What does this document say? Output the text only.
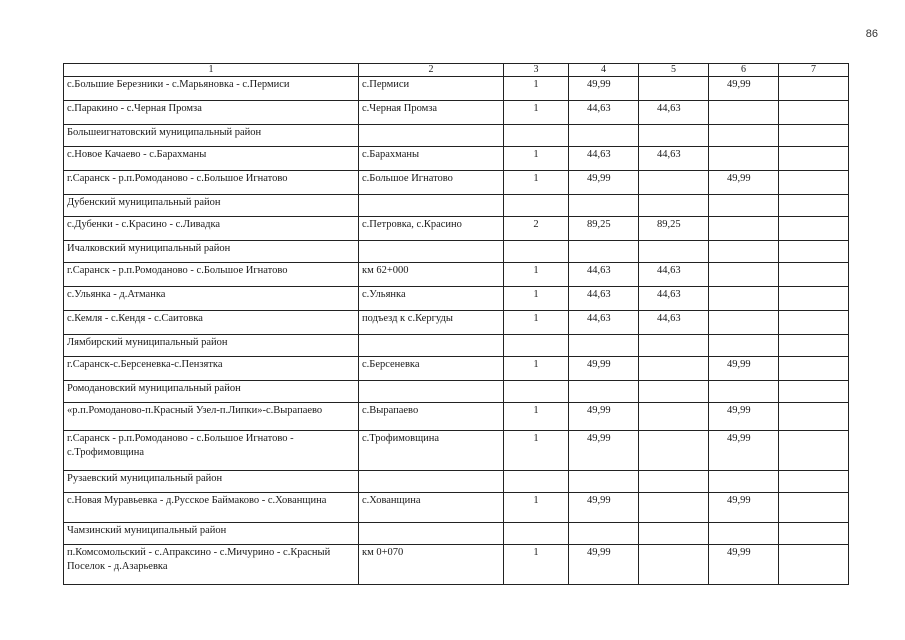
86
1	2	3	4	5	6	7
с.Большие Березники - с.Марьяновка - с.Пермиси	с.Пермиси	1	49,99		49,99	
с.Паракино - с.Черная Промза	с.Черная Промза	1	44,63	44,63		
Большеигнатовский муниципальный район						
с.Новое Качаево - с.Барахманы	с.Барахманы	1	44,63	44,63		
г.Саранск - р.п.Ромоданово - с.Большое Игнатово	с.Большое Игнатово	1	49,99		49,99	
Дубенский муниципальный район						
с.Дубенки - с.Красино - с.Ливадка	с.Петровка, с.Красино	2	89,25	89,25		
Ичалковский муниципальный район						
г.Саранск - р.п.Ромоданово - с.Большое Игнатово	км 62+000	1	44,63	44,63		
с.Ульянка - д.Атманка	с.Ульянка	1	44,63	44,63		
с.Кемля - с.Кендя - с.Саитовка	подъезд к с.Кергуды	1	44,63	44,63		
Лямбирский муниципальный район						
г.Саранск-с.Берсеневка-с.Пензятка	с.Берсеневка	1	49,99		49,99	
Ромодановский муниципальный район						
«р.п.Ромоданово-п.Красный Узел-п.Липки»-с.Вырапаево	с.Вырапаево	1	49,99		49,99	
г.Саранск - р.п.Ромоданово - с.Большое Игнатово - с.Трофимовщина	с.Трофимовщина	1	49,99		49,99	
Рузаевский муниципальный район						
с.Новая Муравьевка - д.Русское Баймаково - с.Хованщина	с.Хованщина	1	49,99		49,99	
Чамзинский муниципальный район						
п.Комсомольский - с.Апраксино - с.Мичурино - с.Красный Поселок - д.Азарьевка	км 0+070	1	49,99		49,99	
